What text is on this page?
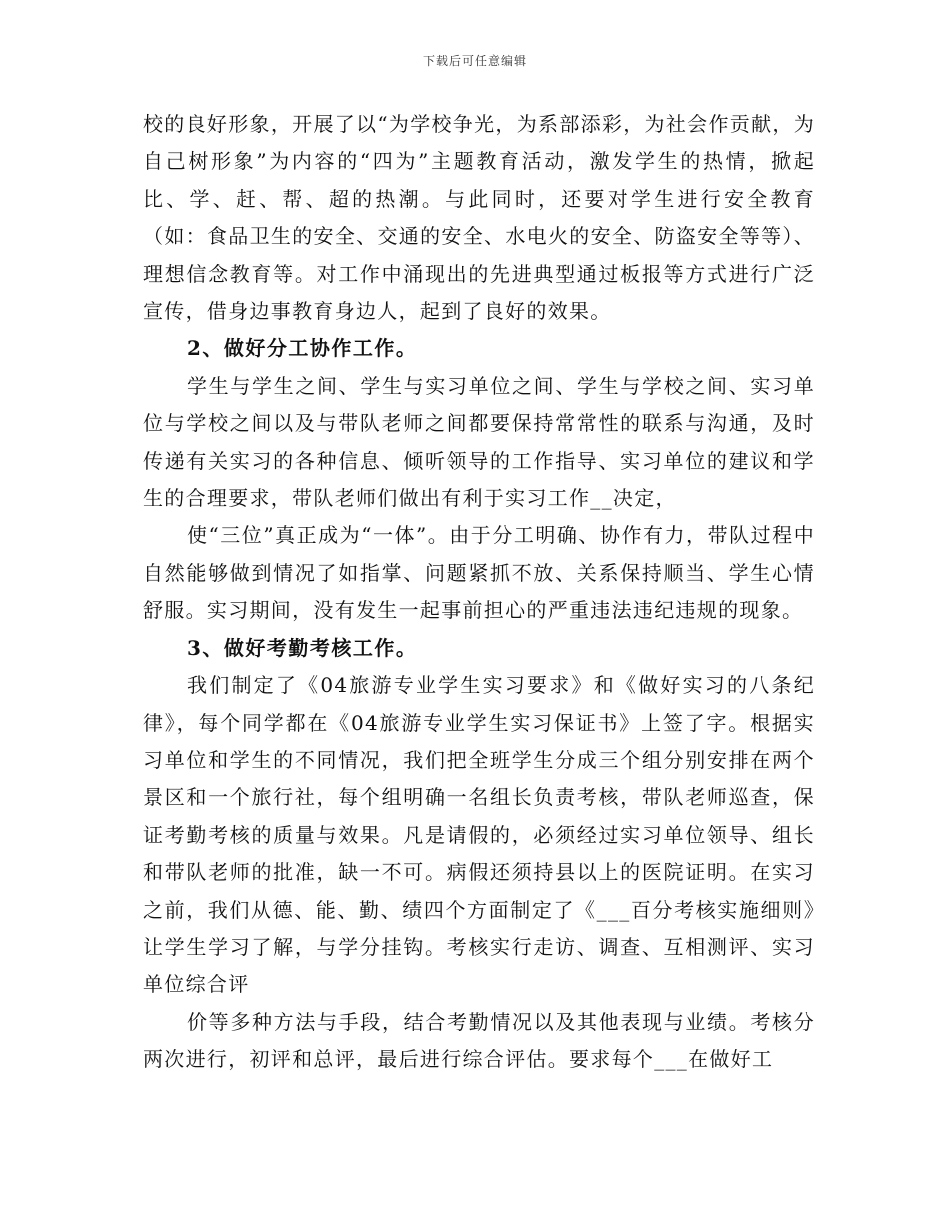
下载后可任意编辑

校的良好形象，开展了以“为学校争光，为系部添彩，为社会作贡献，为自己树形象”为内容的“四为”主题教育活动，激发学生的热情，掀起比、学、赶、帮、超的热潮。与此同时，还要对学生进行安全教育（如：食品卫生的安全、交通的安全、水电火的安全、防盗安全等等）、理想信念教育等。对工作中涌现出的先进典型通过板报等方式进行广泛宣传，借身边事教育身边人，起到了良好的效果。

2、做好分工协作工作。

学生与学生之间、学生与实习单位之间、学生与学校之间、实习单位与学校之间以及与带队老师之间都要保持常常性的联系与沟通，及时传递有关实习的各种信息、倾听领导的工作指导、实习单位的建议和学生的合理要求，带队老师们做出有利于实习工作__决定，

使“三位”真正成为“一体”。由于分工明确、协作有力，带队过程中自然能够做到情况了如指掌、问题紧抓不放、关系保持顺当、学生心情舒服。实习期间，没有发生一起事前担心的严重违法违纪违规的现象。

3、做好考勤考核工作。

我们制定了《04旅游专业学生实习要求》和《做好实习的八条纪律》，每个同学都在《04旅游专业学生实习保证书》上签了字。根据实习单位和学生的不同情况，我们把全班学生分成三个组分别安排在两个景区和一个旅行社，每个组明确一名组长负责考核，带队老师巡查，保证考勤考核的质量与效果。凡是请假的，必须经过实习单位领导、组长和带队老师的批准，缺一不可。病假还须持县以上的医院证明。在实习之前，我们从德、能、勤、绩四个方面制定了《___百分考核实施细则》让学生学习了解，与学分挂钩。考核实行走访、调查、互相测评、实习单位综合评

价等多种方法与手段，结合考勤情况以及其他表现与业绩。考核分两次进行，初评和总评，最后进行综合评估。要求每个___在做好工
